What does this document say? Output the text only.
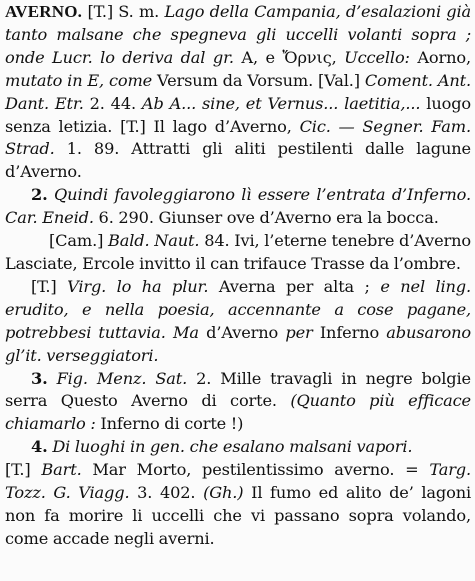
AVERNO. [T.] S. m. Lago della Campania, d’esalazioni già tanto malsane che spegneva gli uccelli volanti sopra ; onde Lucr. lo deriva dal gr. Α, e Ὄρνις, Uccello: Aorno, mutato in E, come Versum da Vorsum. [Val.] Coment. Ant. Dant. Etr. 2. 44. Ab A... sine, et Vernus... laetitia,... luogo senza letizia. [T.] Il lago d’Averno, Cic. — Segner. Fam. Strad. 1. 89. Attratti gli aliti pestilenti dalle lagune d’Averno.

2. Quindi favoleggiarono lì essere l’entrata d’Inferno. Car. Eneid. 6. 290. Giunser ove d’Averno era la bocca.

[Cam.] Bald. Naut. 84. Ivi, l’eterne tenebre d’Averno Lasciate, Ercole invitto il can trifauce Trasse da l’ombre.

[T.] Virg. lo ha plur. Averna per alta ; e nel ling. erudito, e nella poesia, accennante a cose pagane, potrebbesi tuttavia. Ma d’Averno per Inferno abusarono gl’it. verseggiatori.

3. Fig. Menz. Sat. 2. Mille travagli in negre bolgie serra Questo Averno di corte. (Quanto più efficace chiamarlo : Inferno di corte !)

4. Di luoghi in gen. che esalano malsani vapori.

[T.] Bart. Mar Morto, pestilentissimo averno. = Targ. Tozz. G. Viagg. 3. 402. (Gh.) Il fumo ed alito de’ lagoni non fa morire li uccelli che vi passano sopra volando, come accade negli averni.
